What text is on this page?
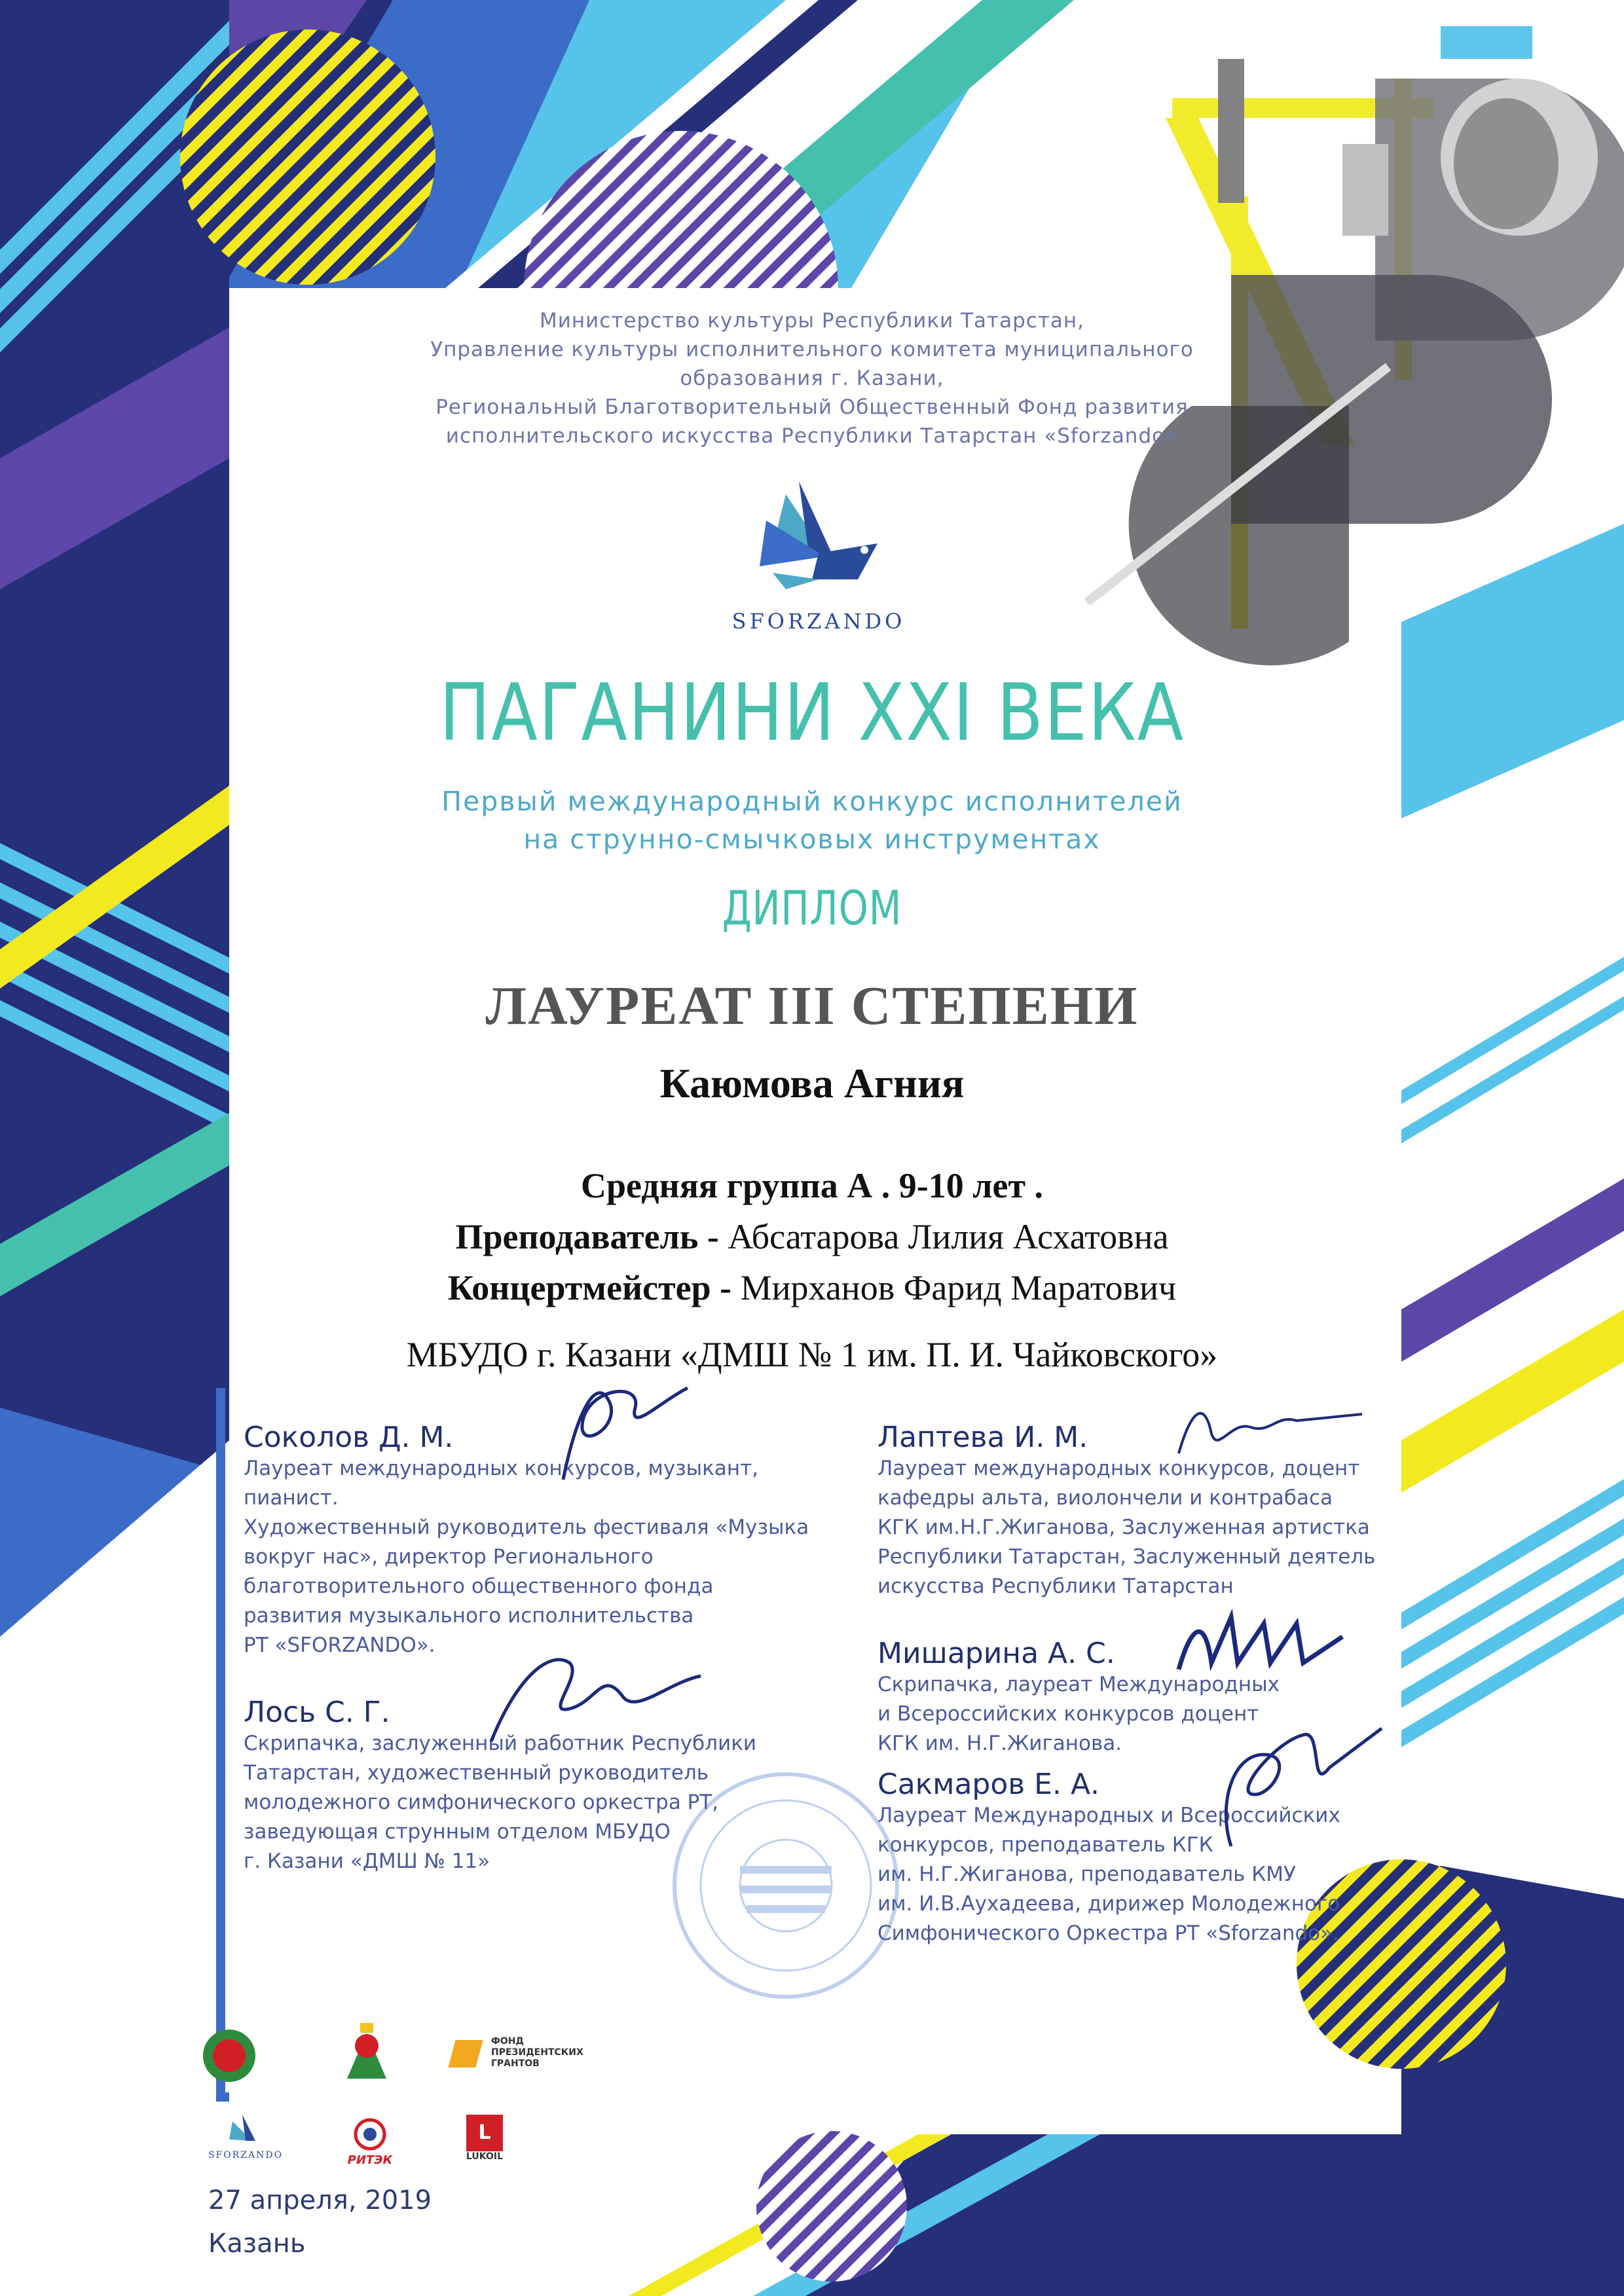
Министерство культуры Республики Татарстан,
Управление культуры исполнительного комитета муниципального
образования г. Казани,
Региональный Благотворительный Общественный Фонд развития
исполнительского искусства Республики Татарстан «Sforzando»
SFORZANDO
ПАГАНИНИ XXI ВЕКА
Первый международный конкурс исполнителей
на струнно-смычковых инструментах
ДИПЛОМ
ЛАУРЕАТ III СТЕПЕНИ
Каюмова Агния
Средняя группа А . 9-10 лет .
Преподаватель - Абсатарова Лилия Асхатовна
Концертмейстер - Мирханов Фарид Маратович
МБУДО г. Казани «ДМШ № 1 им. П. И. Чайковского»
Соколов Д. М.
Лауреат международных конкурсов, музыкант, пианист.
Художественный руководитель фестиваля «Музыка
вокруг нас», директор Регионального
благотворительного общественного фонда
развития музыкального исполнительства
РТ «SFORZANDO».
Лось С. Г.
Скрипачка, заслуженный работник Республики
Татарстан, художественный руководитель
молодежного симфонического оркестра РТ,
заведующая струнным отделом МБУДО
г. Казани «ДМШ № 11»
Лаптева И. М.
Лауреат международных конкурсов, доцент
кафедры альта, виолончели и контрабаса
КГК им.Н.Г.Жиганова, Заслуженная артистка
Республики Татарстан, Заслуженный деятель
искусства Республики Татарстан
Мишарина А. С.
Скрипачка, лауреат Международных
и Всероссийских конкурсов доцент
КГК им. Н.Г.Жиганова.
Сакмаров Е. А.
Лауреат Международных и Всероссийских
конкурсов, преподаватель КГК
им. Н.Г.Жиганова, преподаватель КМУ
им. И.В.Аухадеева, дирижер Молодежного
Симфонического Оркестра РТ «Sforzando».
ФОНД
ПРЕЗИДЕНТСКИХ
ГРАНТОВ
SFORZANDO	РИТЭК
L
LUKOIL
27 апреля, 2019
Казань
